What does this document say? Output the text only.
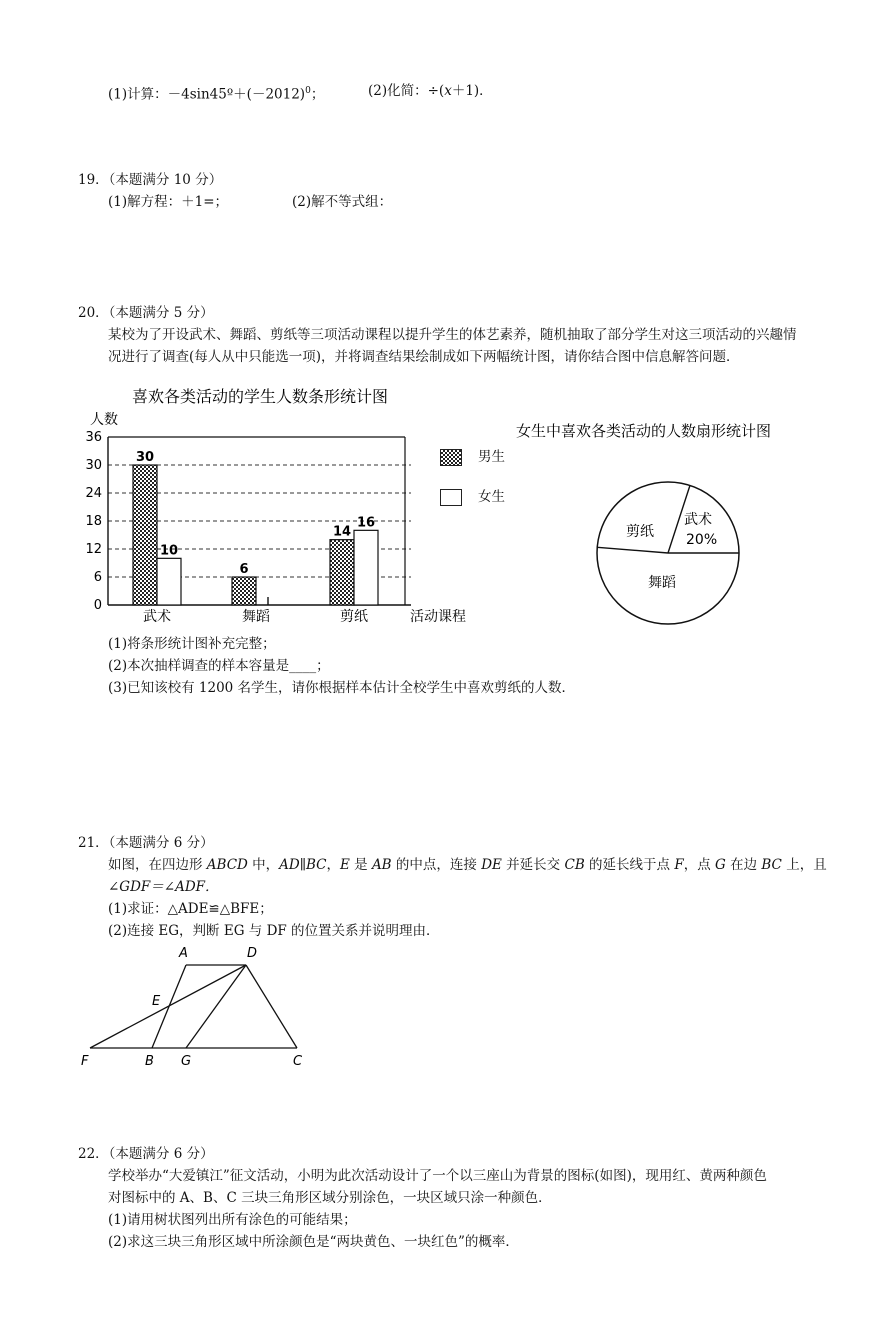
(1)计算：$-4\sin 45º+(-2012)^0$；	(2)化简：÷(x＋1)．
19．（本题满分 10 分）
(1)解方程：＋1=；	(2)解不等式组：
20．（本题满分 5 分）
某校为了开设武术、舞蹈、剪纸等三项活动课程以提升学生的体艺素养，随机抽取了部分学生对这三项活动的兴趣情
况进行了调查(每人从中只能选一项)，并将调查结果绘制成如下两幅统计图，请你结合图中信息解答问题．
喜欢各类活动的学生人数条形统计图
人数
活动课程
0
6
12
18
24
30
36
30
10
6
14
16
武术	舞蹈	剪纸
男生
女生
女生中喜欢各类活动的人数扇形统计图
武术
20%
剪纸
舞蹈
(1)将条形统计图补充完整；
(2)本次抽样调查的样本容量是____；
(3)已知该校有 1200 名学生，请你根据样本估计全校学生中喜欢剪纸的人数．
21．（本题满分 6 分）
如图，在四边形 ABCD 中，AD∥BC，E 是 AB 的中点，连接 DE 并延长交 CB 的延长线于点 F，点 G 在边 BC 上，且
∠GDF＝∠ADF．
(1)求证：△ADE≌△BFE；
(2)连接 EG，判断 EG 与 DF 的位置关系并说明理由．
A	D
E
F	B G	C
22．（本题满分 6 分）
学校举办“大爱镇江”征文活动，小明为此次活动设计了一个以三座山为背景的图标(如图)，现用红、黄两种颜色
对图标中的 A、B、C 三块三角形区域分别涂色，一块区域只涂一种颜色．
(1)请用树状图列出所有涂色的可能结果；
(2)求这三块三角形区域中所涂颜色是“两块黄色、一块红色”的概率．
